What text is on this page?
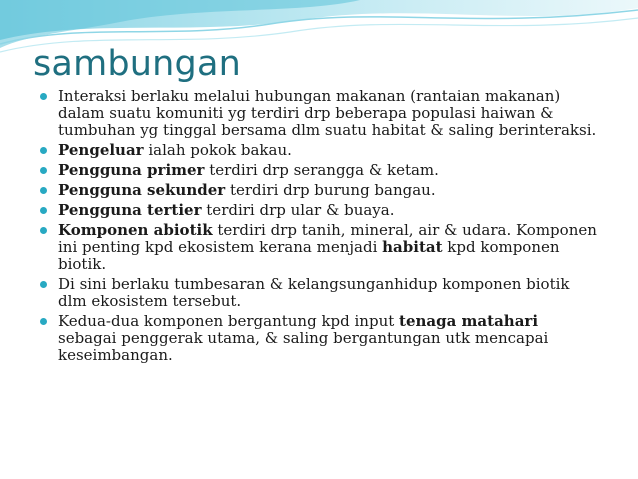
sambungan
Interaksi berlaku melalui hubungan makanan (rantaian makanan) dalam suatu komuniti yg terdiri drp beberapa populasi haiwan & tumbuhan yg tinggal bersama dlm suatu habitat & saling berinteraksi.
Pengeluar ialah pokok bakau.
Pengguna primer terdiri drp serangga & ketam.
Pengguna sekunder terdiri drp burung bangau.
Pengguna tertier terdiri drp ular & buaya.
Komponen abiotik terdiri drp tanih, mineral, air & udara. Komponen ini penting kpd ekosistem kerana menjadi habitat kpd komponen biotik.
Di sini berlaku tumbesaran & kelangsunganhidup komponen biotik dlm ekosistem tersebut.
Kedua-dua komponen bergantung kpd input tenaga matahari sebagai penggerak utama, & saling bergantungan utk mencapai keseimbangan.
